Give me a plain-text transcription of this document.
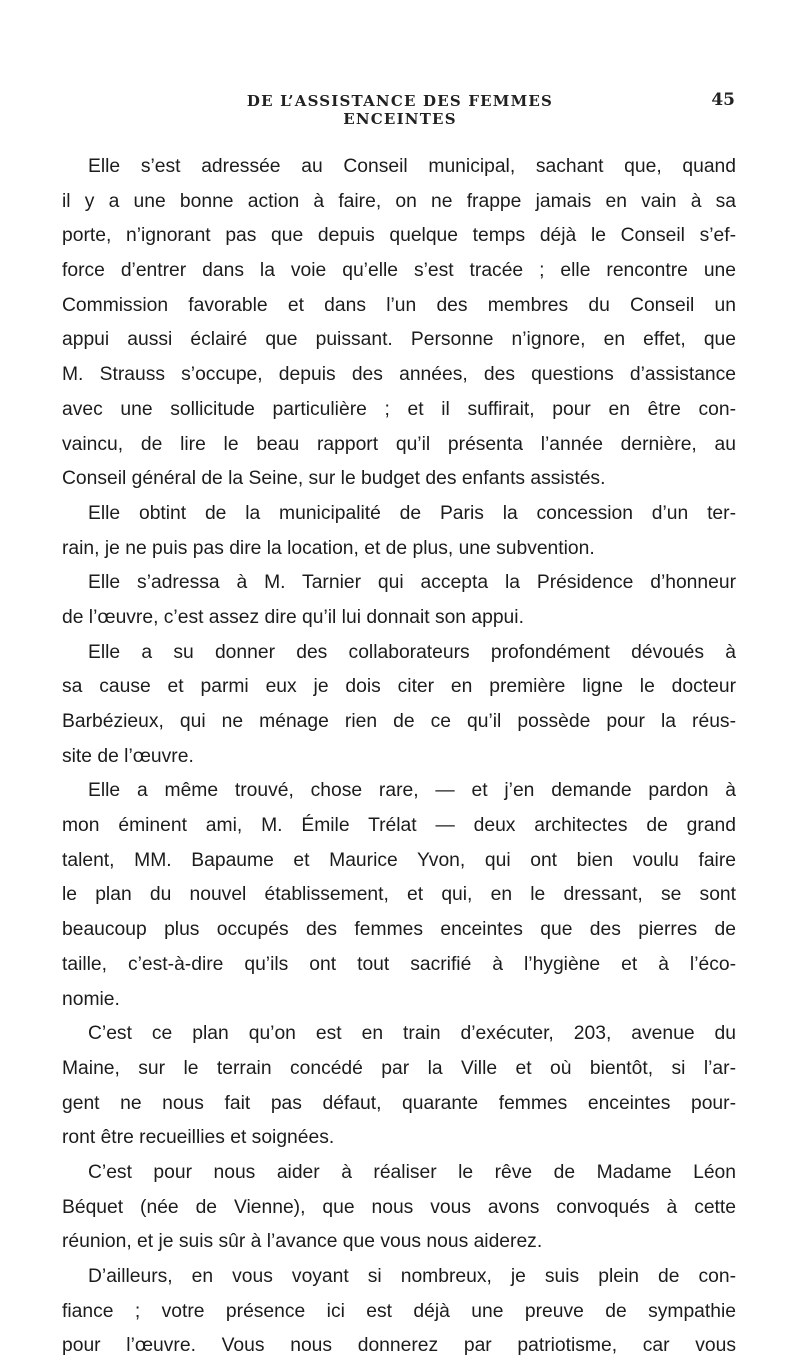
DE L’ASSISTANCE DES FEMMES ENCEINTES
45
Elle s’est adressée au Conseil municipal, sachant que, quand
il y a une bonne action à faire, on ne frappe jamais en vain à sa
porte, n’ignorant pas que depuis quelque temps déjà le Conseil s’ef-
force d’entrer dans la voie qu’elle s’est tracée ; elle rencontre une
Commission favorable et dans l’un des membres du Conseil un
appui aussi éclairé que puissant. Personne n’ignore, en effet, que
M. Strauss s’occupe, depuis des années, des questions d’assistance
avec une sollicitude particulière ; et il suffirait, pour en être con-
vaincu, de lire le beau rapport qu’il présenta l’année dernière, au
Conseil général de la Seine, sur le budget des enfants assistés.
Elle obtint de la municipalité de Paris la concession d’un ter-
rain, je ne puis pas dire la location, et de plus, une subvention.
Elle s’adressa à M. Tarnier qui accepta la Présidence d’honneur
de l’œuvre, c’est assez dire qu’il lui donnait son appui.
Elle a su donner des collaborateurs profondément dévoués à
sa cause et parmi eux je dois citer en première ligne le docteur
Barbézieux, qui ne ménage rien de ce qu’il possède pour la réus-
site de l’œuvre.
Elle a même trouvé, chose rare, — et j’en demande pardon à
mon éminent ami, M. Émile Trélat — deux architectes de grand
talent, MM. Bapaume et Maurice Yvon, qui ont bien voulu faire
le plan du nouvel établissement, et qui, en le dressant, se sont
beaucoup plus occupés des femmes enceintes que des pierres de
taille, c’est-à-dire qu’ils ont tout sacrifié à l’hygiène et à l’éco-
nomie.
C’est ce plan qu’on est en train d’exécuter, 203, avenue du
Maine, sur le terrain concédé par la Ville et où bientôt, si l’ar-
gent ne nous fait pas défaut, quarante femmes enceintes pour-
ront être recueillies et soignées.
C’est pour nous aider à réaliser le rêve de Madame Léon
Béquet (née de Vienne), que nous vous avons convoqués à cette
réunion, et je suis sûr à l’avance que vous nous aiderez.
D’ailleurs, en vous voyant si nombreux, je suis plein de con-
fiance ; votre présence ici est déjà une preuve de sympathie
pour l’œuvre. Vous nous donnerez par patriotisme, car vous
